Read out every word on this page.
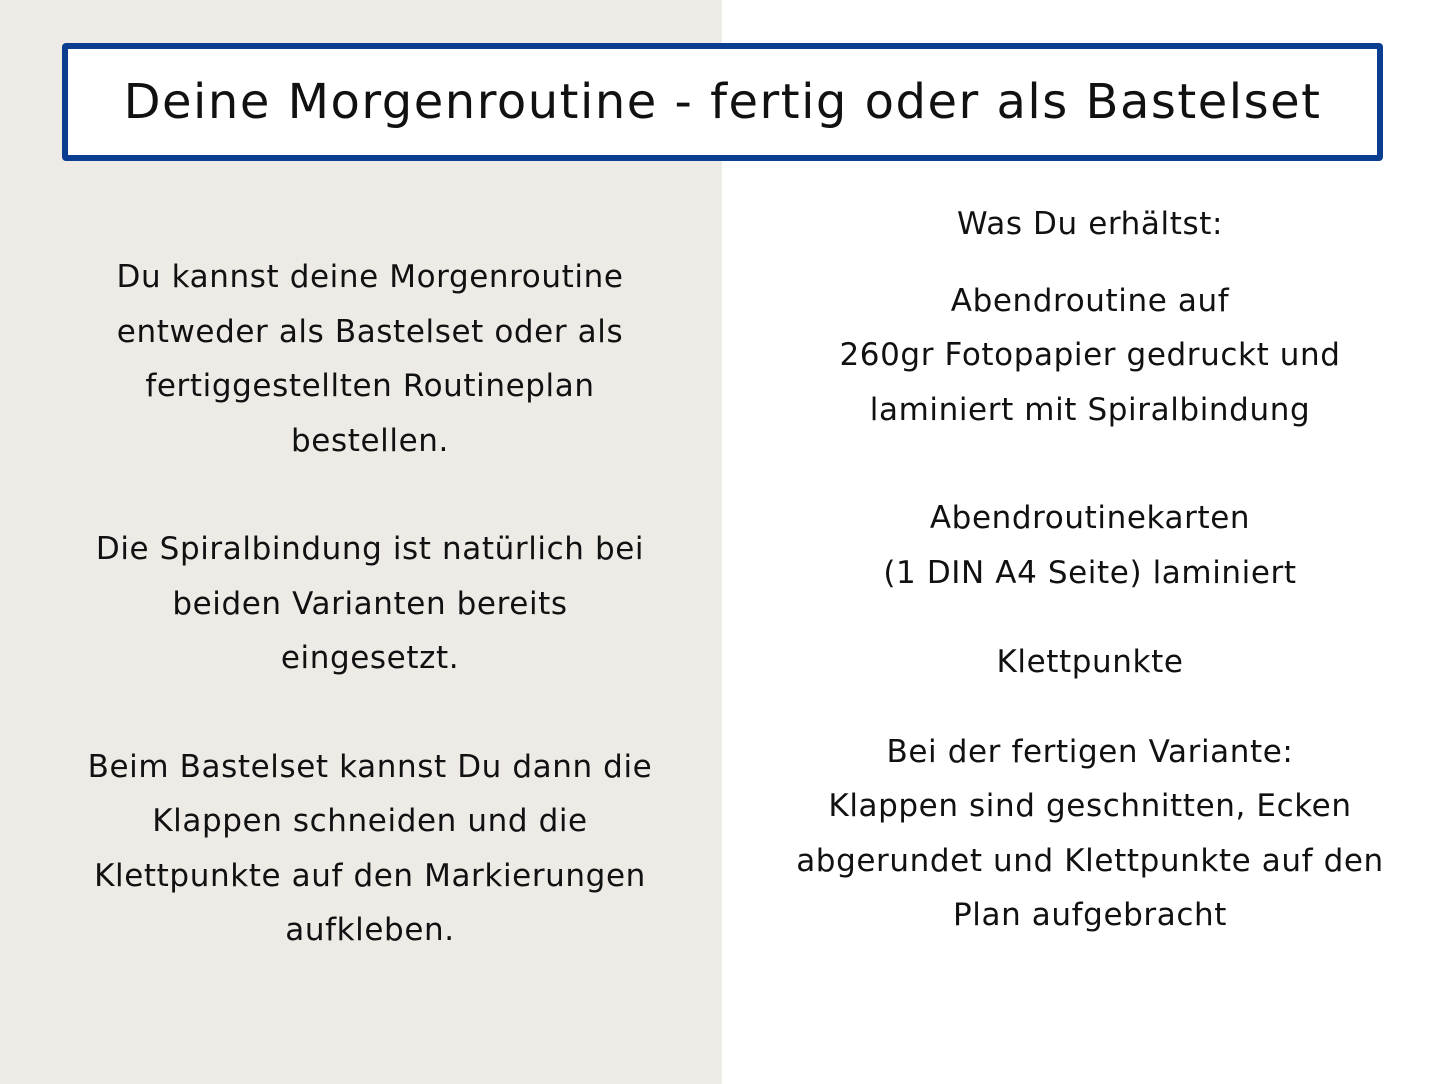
Deine Morgenroutine - fertig oder als Bastelset

Du kannst deine Morgenroutine
entweder als Bastelset oder als
fertiggestellten Routineplan
bestellen.

Die Spiralbindung ist natürlich bei
beiden Varianten bereits
eingesetzt.

Beim Bastelset kannst Du dann die
Klappen schneiden und die
Klettpunkte auf den Markierungen
aufkleben.

Was Du erhältst:

Abendroutine auf
260gr Fotopapier gedruckt und
laminiert mit Spiralbindung

Abendroutinekarten
(1 DIN A4 Seite) laminiert

Klettpunkte

Bei der fertigen Variante:
Klappen sind geschnitten, Ecken
abgerundet und Klettpunkte auf den
Plan aufgebracht
